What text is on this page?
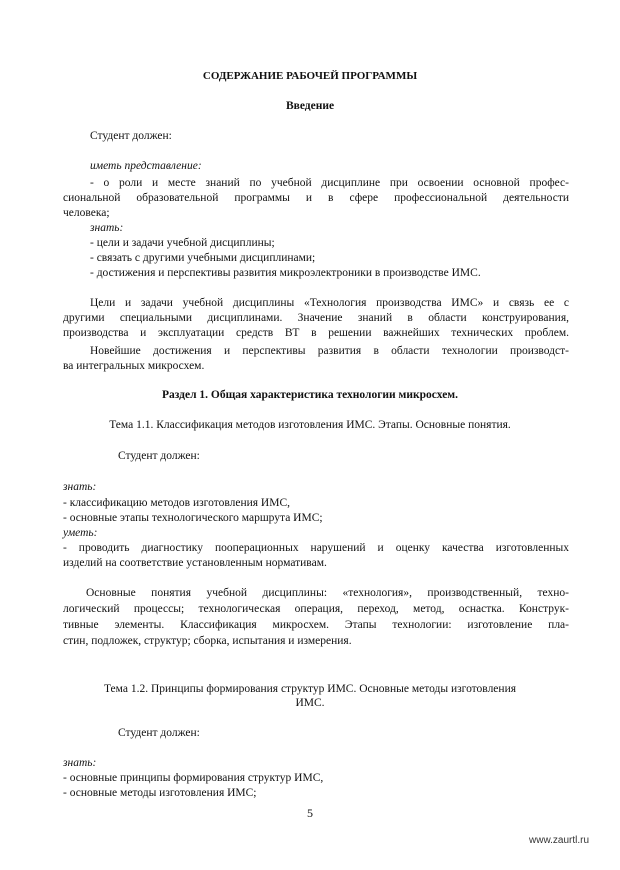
СОДЕРЖАНИЕ РАБОЧЕЙ ПРОГРАММЫ
Введение
Студент должен:
иметь представление:
- о роли и месте знаний по учебной дисциплине при освоении основной профес-
сиональной образовательной программы и в сфере профессиональной деятельности
человека;
знать:
- цели и задачи учебной дисциплины;
- связать с другими учебными дисциплинами;
- достижения и перспективы развития микроэлектроники в производстве ИМС.
Цели и задачи учебной дисциплины «Технология производства ИМС» и связь ее с
другими специальными дисциплинами. Значение знаний в области конструирования,
производства и эксплуатации средств ВТ в решении важнейших технических проблем.
Новейшие достижения и перспективы развития в области технологии производст-
ва интегральных микросхем.
Раздел 1. Общая характеристика технологии микросхем.
Тема 1.1. Классификация методов изготовления ИМС. Этапы. Основные понятия.
Студент должен:
знать:
- классификацию методов изготовления ИМС,
- основные этапы технологического маршрута ИМС;
уметь:
- проводить диагностику пооперационных нарушений и оценку качества изготовленных
изделий на соответствие установленным нормативам.
Основные понятия учебной дисциплины: «технология», производственный, техно-
логический процессы; технологическая операция, переход, метод, оснастка. Конструк-
тивные элементы. Классификация микросхем. Этапы технологии: изготовление пла-
стин, подложек, структур; сборка, испытания и измерения.
Тема 1.2. Принципы формирования структур ИМС. Основные методы изготовления
ИМС.
Студент должен:
знать:
- основные принципы формирования структур ИМС,
- основные методы изготовления ИМС;
5
www.zaurtl.ru
